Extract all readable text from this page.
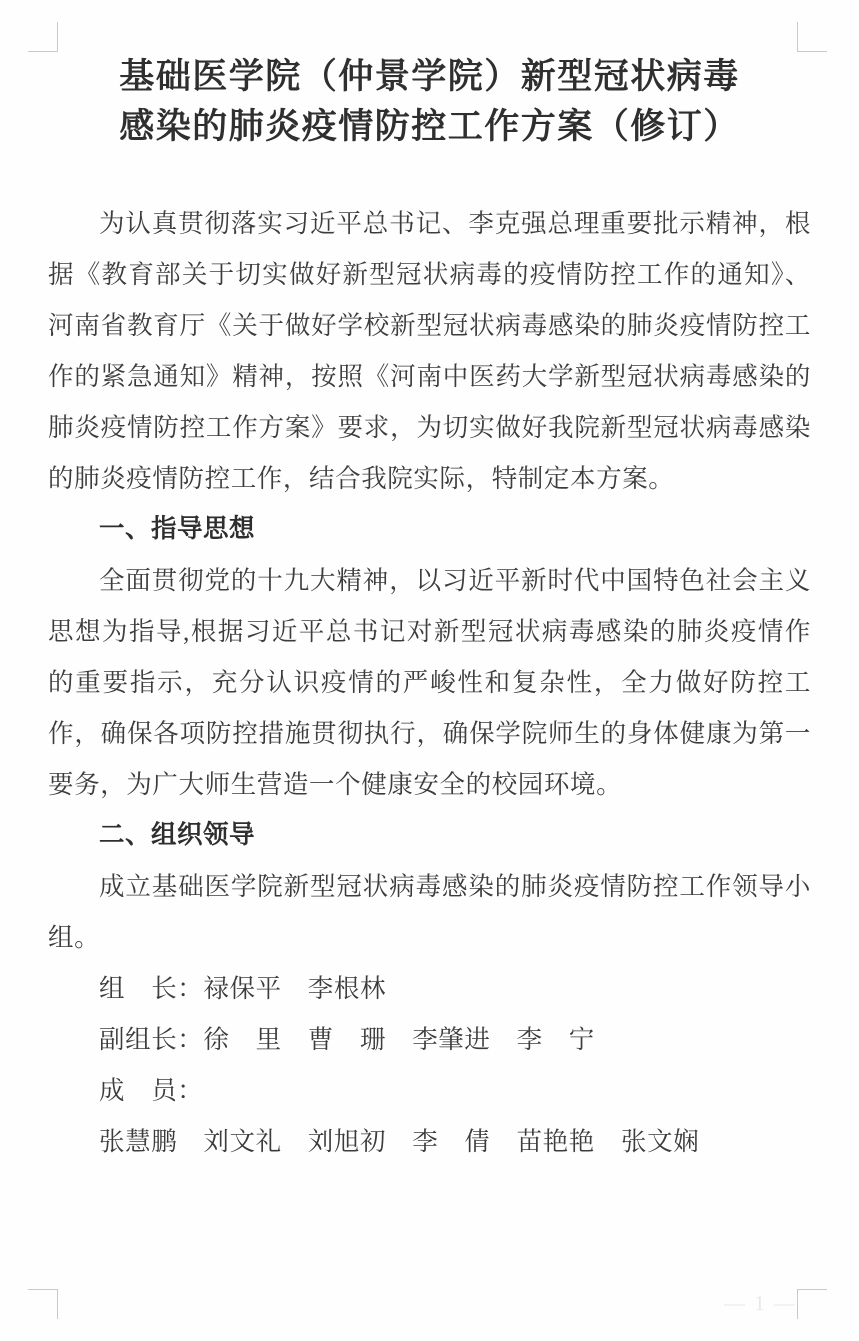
基础医学院（仲景学院）新型冠状病毒
感染的肺炎疫情防控工作方案（修订）

为认真贯彻落实习近平总书记、李克强总理重要批示精神，根据《教育部关于切实做好新型冠状病毒的疫情防控工作的通知》、河南省教育厅《关于做好学校新型冠状病毒感染的肺炎疫情防控工作的紧急通知》精神，按照《河南中医药大学新型冠状病毒感染的肺炎疫情防控工作方案》要求，为切实做好我院新型冠状病毒感染的肺炎疫情防控工作，结合我院实际，特制定本方案。

一、指导思想

全面贯彻党的十九大精神，以习近平新时代中国特色社会主义思想为指导,根据习近平总书记对新型冠状病毒感染的肺炎疫情作的重要指示，充分认识疫情的严峻性和复杂性，全力做好防控工作，确保各项防控措施贯彻执行，确保学院师生的身体健康为第一要务，为广大师生营造一个健康安全的校园环境。

二、组织领导

成立基础医学院新型冠状病毒感染的肺炎疫情防控工作领导小组。

组　长：禄保平　李根林

副组长：徐　里　曹　珊　李肇进　李　宁

成　员：

张慧鹏　刘文礼　刘旭初　李　倩　苗艳艳　张文娴

— 1 —
